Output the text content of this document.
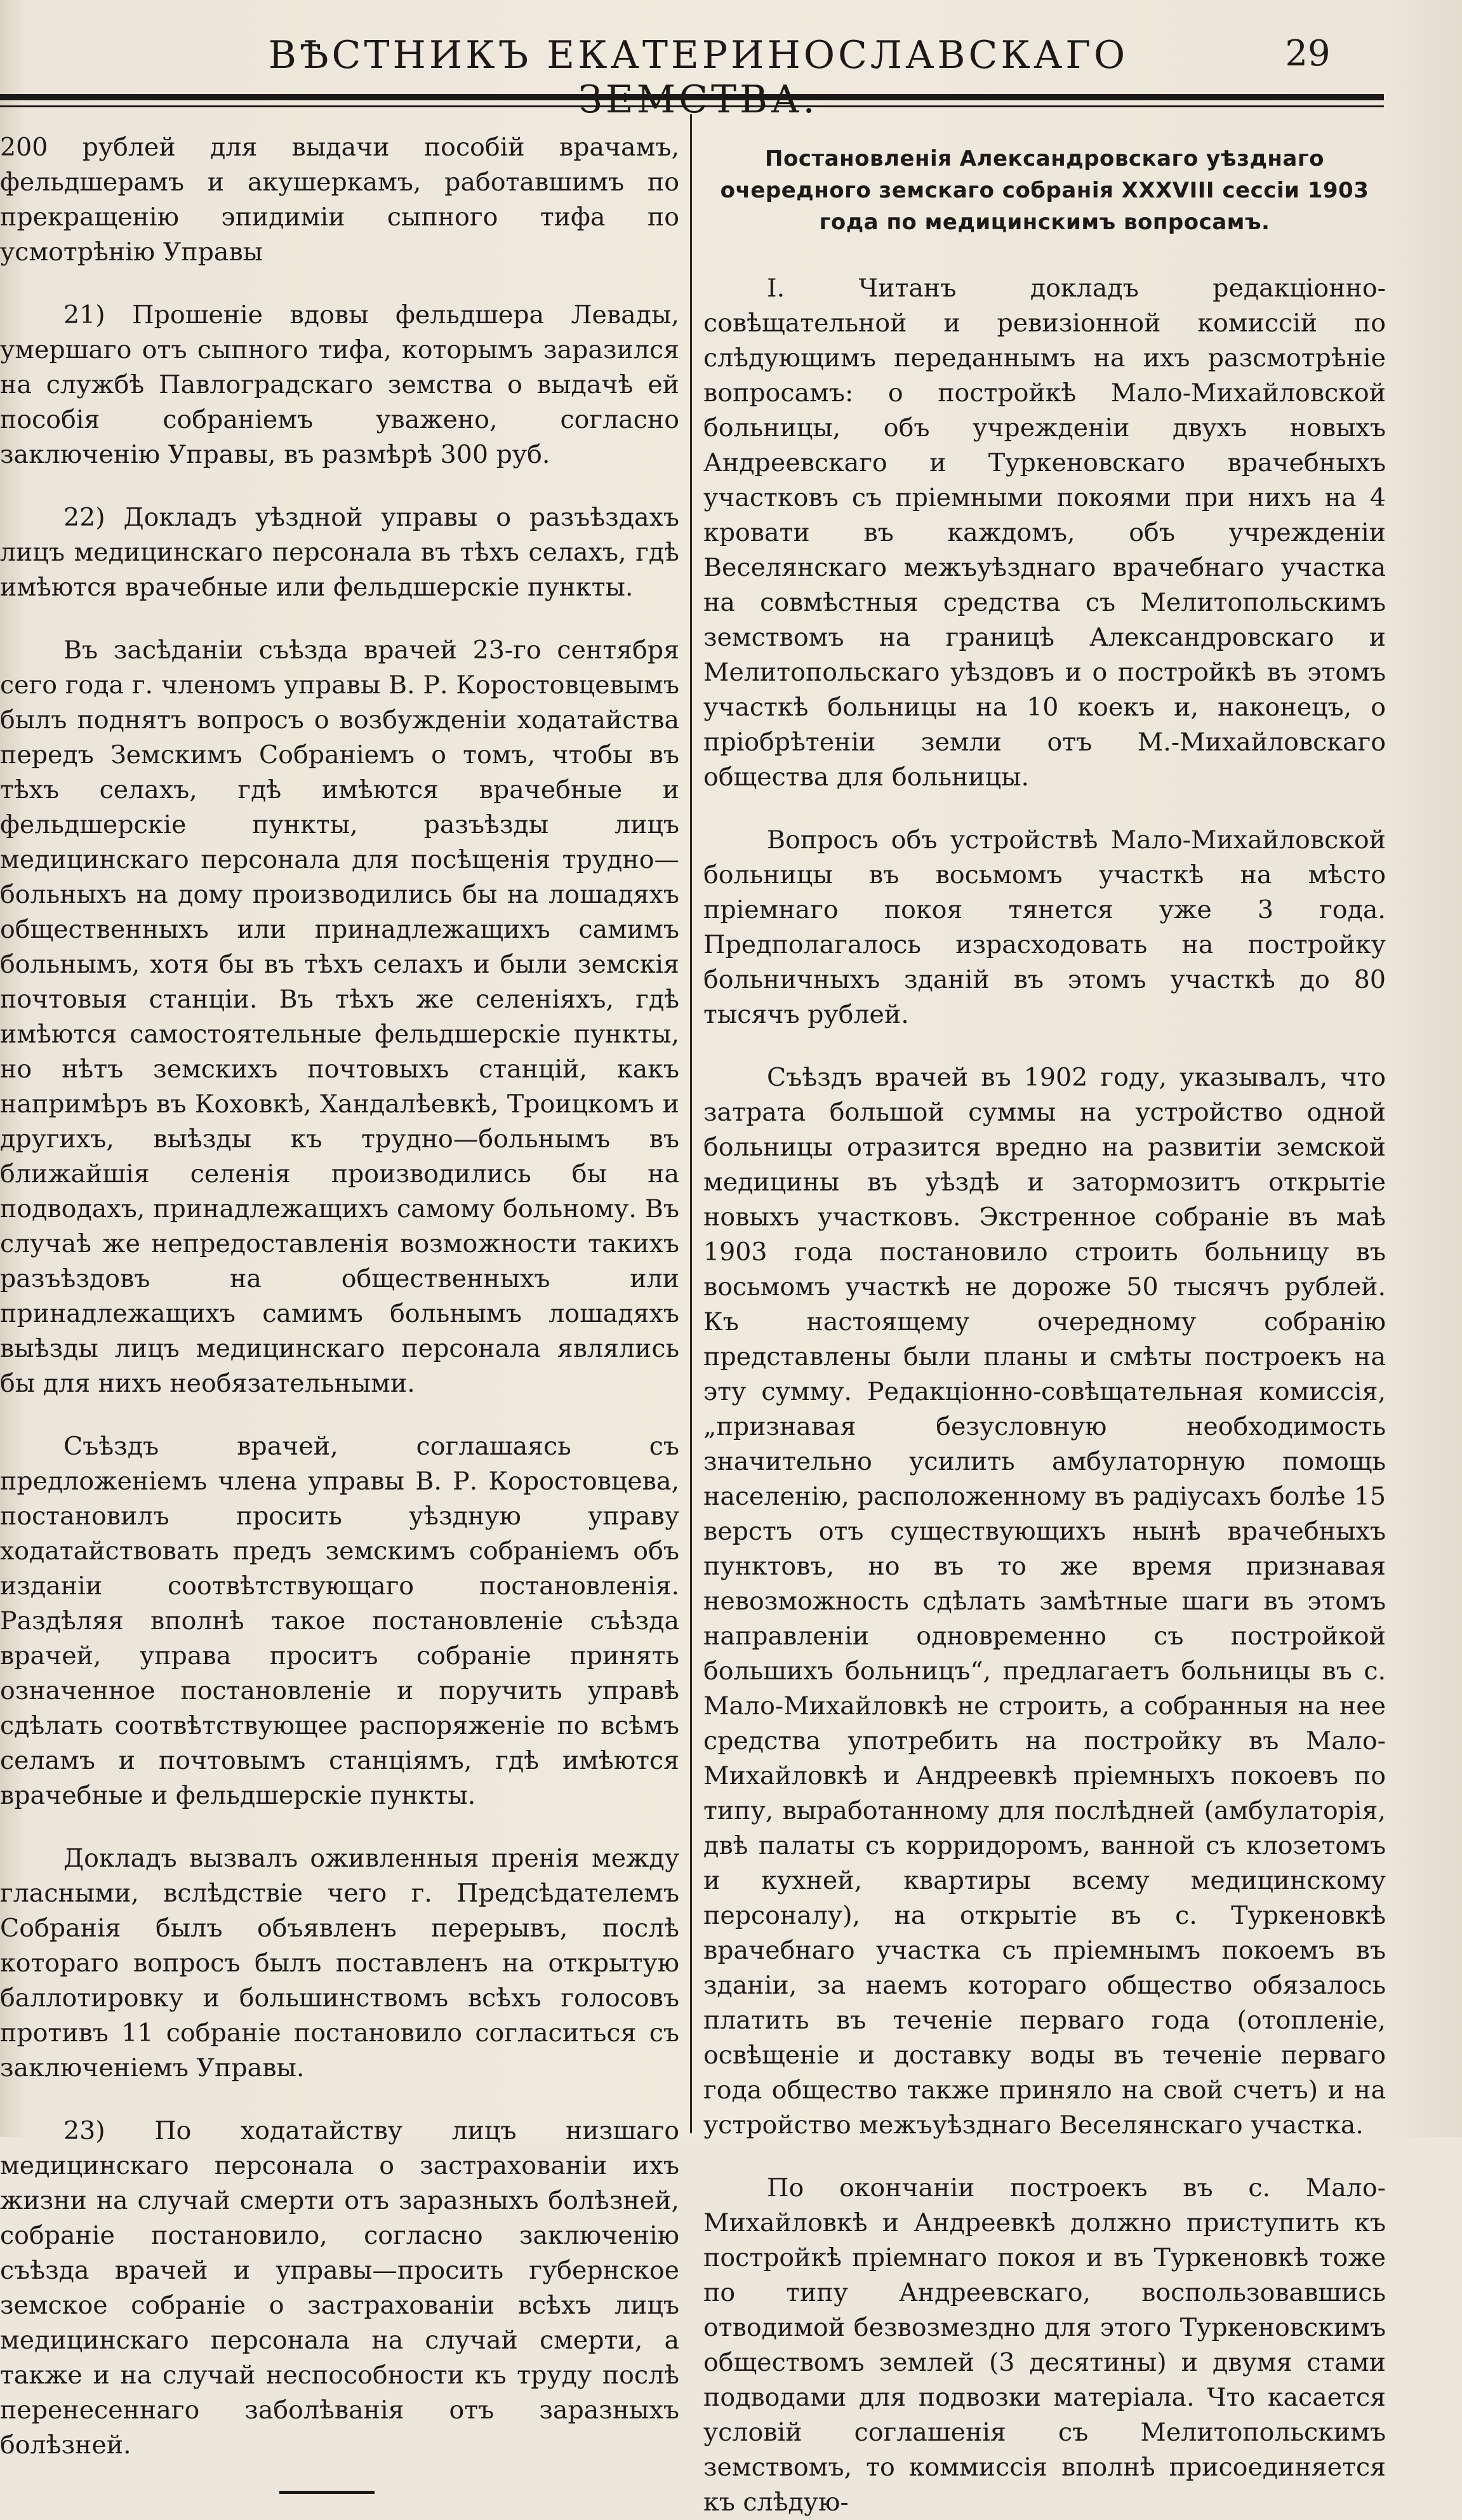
ВѢСТНИКЪ ЕКАТЕРИНОСЛАВСКАГО	29

200 рублей для выдачи пособій врачамъ, фельдшерамъ и акушеркамъ, работавшимъ по прекращенію эпидиміи сыпного тифа по усмотрѣнію Управы

21) Прошеніе вдовы фельдшера Левады, умершаго отъ сыпного тифа, которымъ заразился на службѣ Павлоградскаго земства о выдачѣ ей пособія собраніемъ уважено, согласно заключенію Управы, въ размѣрѣ 300 руб.

22) Докладъ уѣздной управы о разъѣздахъ лицъ медицинскаго персонала въ тѣхъ селахъ, гдѣ имѣются врачебные или фельдшерскіе пункты.

Въ засѣданіи съѣзда врачей 23-го сентября сего года г. членомъ управы В. Р. Коростовцевымъ былъ поднятъ вопросъ о возбужденіи ходатайства передъ Земскимъ Собраніемъ о томъ, чтобы въ тѣхъ селахъ, гдѣ имѣются врачебные и фельдшерскіе пункты, разъѣзды лицъ медицинскаго персонала для посѣщенія трудно—больныхъ на дому производились бы на лошадяхъ общественныхъ или принадлежащихъ самимъ больнымъ, хотя бы въ тѣхъ селахъ и были земскія почтовыя станціи. Въ тѣхъ же селеніяхъ, гдѣ имѣются самостоятельные фельдшерскіе пункты, но нѣтъ земскихъ почтовыхъ станцій, какъ напримѣръ въ Коховкѣ, Хандалѣевкѣ, Троицкомъ и другихъ, выѣзды къ трудно—больнымъ въ ближайшія селенія производились бы на подводахъ, принадлежащихъ самому больному. Въ случаѣ же непредоставленія возможности такихъ разъѣздовъ на общественныхъ или принадлежащихъ самимъ больнымъ лошадяхъ выѣзды лицъ медицинскаго персонала являлись бы для нихъ необязательными.

Съѣздъ врачей, соглашаясь съ предложеніемъ члена управы В. Р. Коростовцева, постановилъ просить уѣздную управу ходатайствовать предъ земскимъ собраніемъ объ изданіи соотвѣтствующаго постановленія. Раздѣляя вполнѣ такое постановленіе съѣзда врачей, управа проситъ собраніе принять означенное постановленіе и поручить управѣ сдѣлать соотвѣтствующее распоряженіе по всѣмъ селамъ и почтовымъ станціямъ, гдѣ имѣются врачебные и фельдшерскіе пункты.

Докладъ вызвалъ оживленныя пренія между гласными, вслѣдствіе чего г. Предсѣдателемъ Собранія былъ объявленъ перерывъ, послѣ котораго вопросъ былъ поставленъ на открытую баллотировку и большинствомъ всѣхъ голосовъ противъ 11 собраніе постановило согласиться съ заключеніемъ Управы.

23) По ходатайству лицъ низшаго медицинскаго персонала о застрахованіи ихъ жизни на случай смерти отъ заразныхъ болѣзней, собраніе постановило, согласно заключенію съѣзда врачей и управы—просить губернское земское собраніе о застрахованіи всѣхъ лицъ медицинскаго персонала на случай смерти, а также и на случай неспособности къ труду послѣ перенесеннаго заболѣванія отъ заразныхъ болѣзней.

Постановленія Александровскаго уѣзднаго очередного земскаго собранія XXXVIII сессіи 1903 года по медицинскимъ вопросамъ.

I. Читанъ докладъ редакціонно-совѣщательной и ревизіонной комиссій по слѣдующимъ переданнымъ на ихъ разсмотрѣніе вопросамъ: о постройкѣ Мало-Михайловской больницы, объ учрежденіи двухъ новыхъ Андреевскаго и Туркеновскаго врачебныхъ участковъ съ пріемными покоями при нихъ на 4 кровати въ каждомъ, объ учрежденіи Веселянскаго межъуѣзднаго врачебнаго участка на совмѣстныя средства съ Мелитопольскимъ земствомъ на границѣ Александровскаго и Мелитопольскаго уѣздовъ и о постройкѣ въ этомъ участкѣ больницы на 10 коекъ и, наконецъ, о пріобрѣтеніи земли отъ М.-Михайловскаго общества для больницы.

Вопросъ объ устройствѣ Мало-Михайловской больницы въ восьмомъ участкѣ на мѣсто пріемнаго покоя тянется уже 3 года. Предполагалось израсходовать на постройку больничныхъ зданій въ этомъ участкѣ до 80 тысячъ рублей.

Съѣздъ врачей въ 1902 году, указывалъ, что затрата большой суммы на устройство одной больницы отразится вредно на развитіи земской медицины въ уѣздѣ и затормозитъ открытіе новыхъ участковъ. Экстренное собраніе въ маѣ 1903 года постановило строить больницу въ восьмомъ участкѣ не дороже 50 тысячъ рублей. Къ настоящему очередному собранію представлены были планы и смѣты построекъ на эту сумму. Редакціонно-совѣщательная комиссія, „признавая безусловную необходимость значительно усилить амбулаторную помощь населенію, расположенному въ радіусахъ болѣе 15 верстъ отъ существующихъ нынѣ врачебныхъ пунктовъ, но въ то же время признавая невозможность сдѣлать замѣтные шаги въ этомъ направленіи одновременно съ постройкой большихъ больницъ“, предлагаетъ больницы въ с. Мало-Михайловкѣ не строить, а собранныя на нее средства употребить на постройку въ Мало-Михайловкѣ и Андреевкѣ пріемныхъ покоевъ по типу, выработанному для послѣдней (амбулаторія, двѣ палаты съ корридоромъ, ванной съ клозетомъ и кухней, квартиры всему медицинскому персоналу), на открытіе въ с. Туркеновкѣ врачебнаго участка съ пріемнымъ покоемъ въ зданіи, за наемъ котораго общество обязалось платить въ теченіе перваго года (отопленіе, освѣщеніе и доставку воды въ теченіе перваго года общество также приняло на свой счетъ) и на устройство межъуѣзднаго Веселянскаго участка.

По окончаніи построекъ въ с. Мало-Михайловкѣ и Андреевкѣ должно приступить къ постройкѣ пріемнаго покоя и въ Туркеновкѣ тоже по типу Андреевскаго, воспользовавшись отводимой безвозмездно для этого Туркеновскимъ обществомъ землей (3 десятины) и двумя стами подводами для подвозки матеріала. Что касается условій соглашенія съ Мелитопольскимъ земствомъ, то коммиссія вполнѣ присоединяется къ слѣдую-
